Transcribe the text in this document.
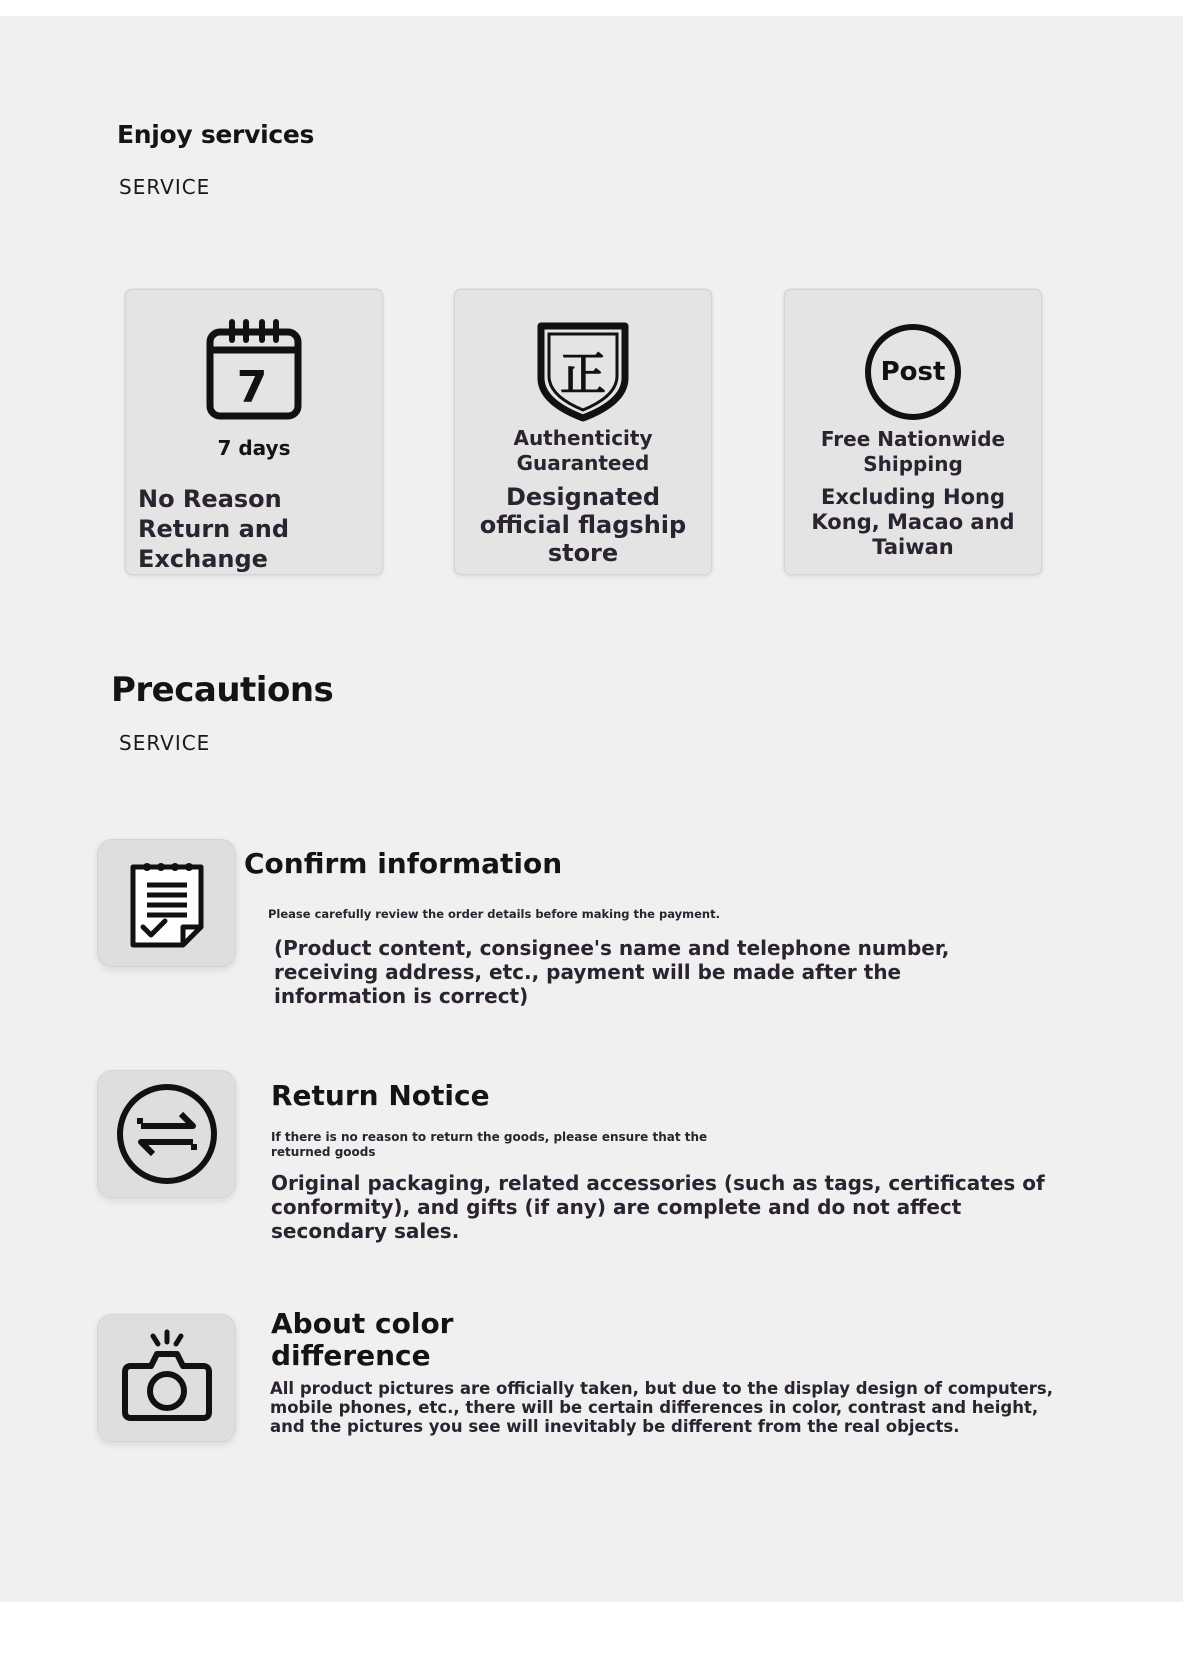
Enjoy services
SERVICE
7
7 days
No Reason Return and Exchange
正
Authenticity Guaranteed
Designated official flagship store
Post
Free Nationwide Shipping
Excluding Hong Kong, Macao and Taiwan
Precautions
SERVICE
Confirm information
Please carefully review the order details before making the payment.
(Product content, consignee's name and telephone number, receiving address, etc., payment will be made after the information is correct)
Return Notice
If there is no reason to return the goods, please ensure that the returned goods
Original packaging, related accessories (such as tags, certificates of conformity), and gifts (if any) are complete and do not affect secondary sales.
About color difference
All product pictures are officially taken, but due to the display design of computers, mobile phones, etc., there will be certain differences in color, contrast and height, and the pictures you see will inevitably be different from the real objects.
